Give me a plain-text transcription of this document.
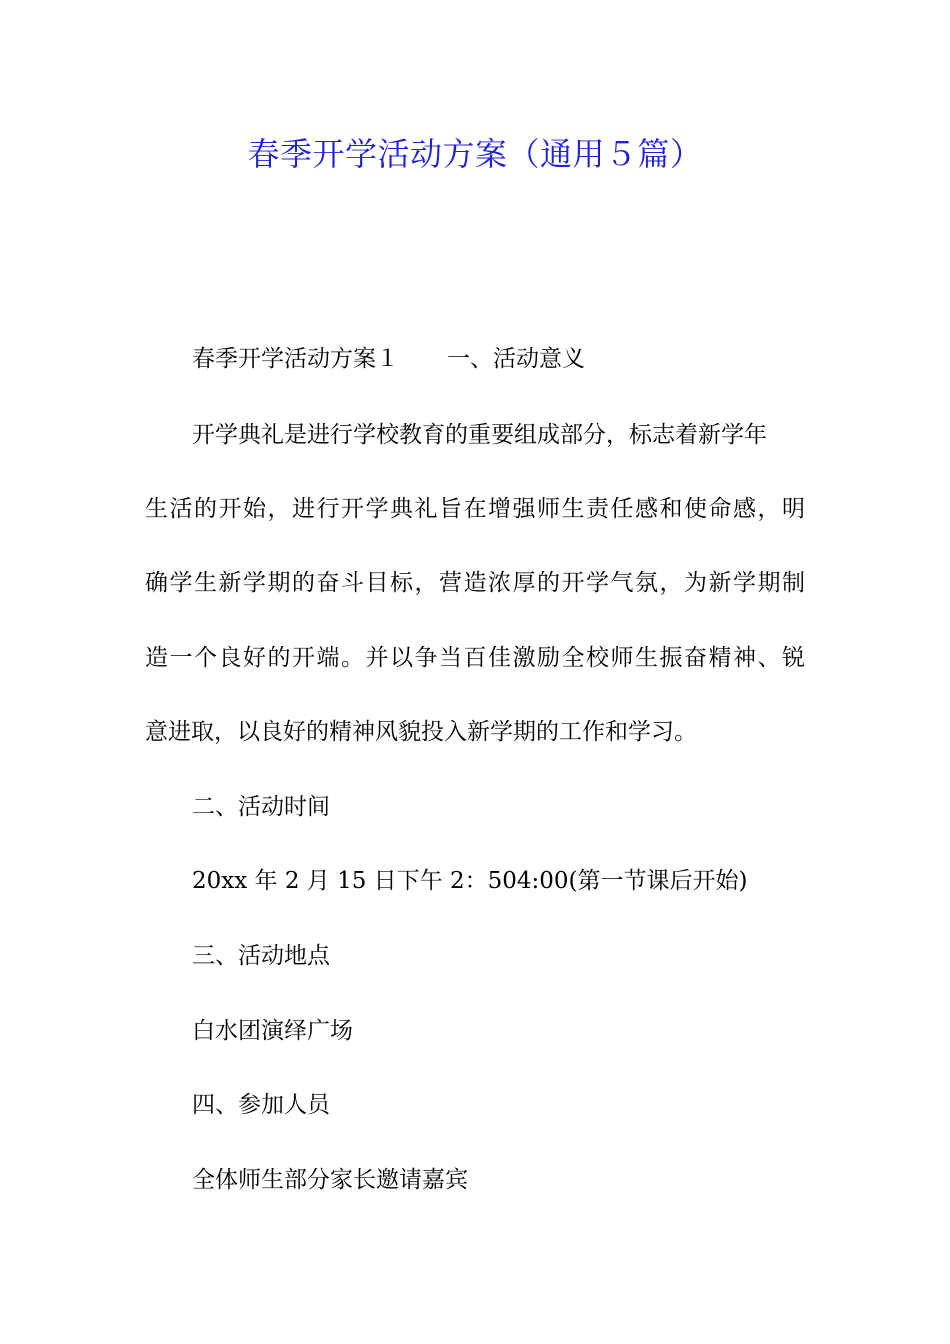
春季开学活动方案（通用５篇）
春季开学活动方案１ 一、活动意义
开学典礼是进行学校教育的重要组成部分，标志着新学年
生活的开始，进行开学典礼旨在增强师生责任感和使命感，明
确学生新学期的奋斗目标，营造浓厚的开学气氛，为新学期制
造一个良好的开端。并以争当百佳激励全校师生振奋精神、锐
意进取，以良好的精神风貌投入新学期的工作和学习。
二、活动时间
20xx 年 2 月 15 日下午 2：504:00(第一节课后开始)
三、活动地点
白水团演绎广场
四、参加人员
全体师生部分家长邀请嘉宾
